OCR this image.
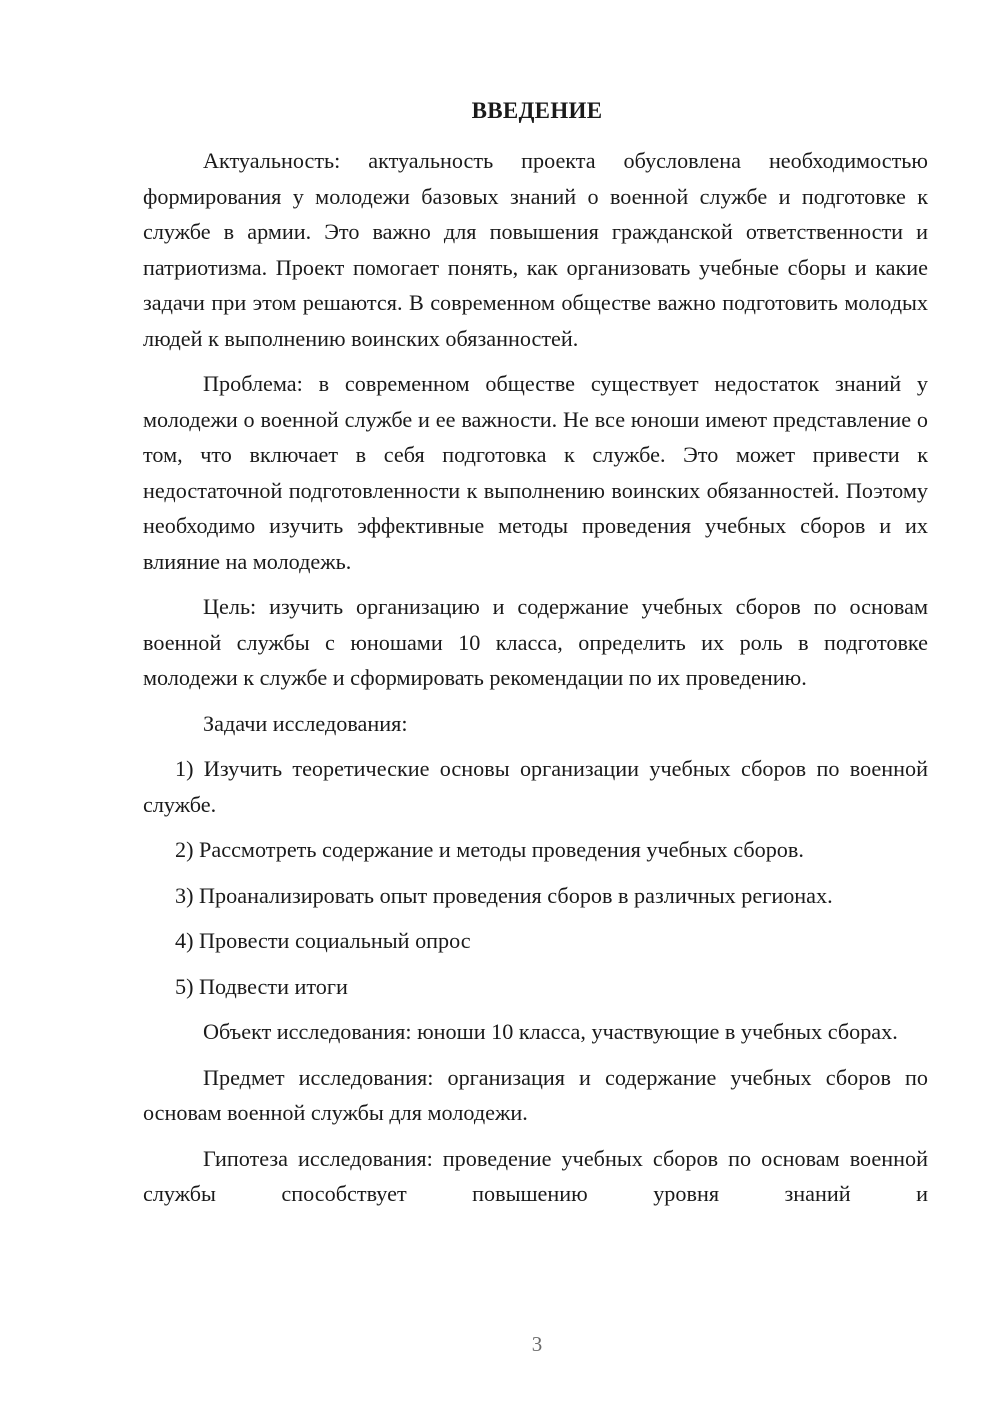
ВВЕДЕНИЕ

Актуальность: актуальность проекта обусловлена необходимостью формирования у молодежи базовых знаний о военной службе и подготовке к службе в армии. Это важно для повышения гражданской ответственности и патриотизма. Проект помогает понять, как организовать учебные сборы и какие задачи при этом решаются. В современном обществе важно подготовить молодых людей к выполнению воинских обязанностей.

Проблема: в современном обществе существует недостаток знаний у молодежи о военной службе и ее важности. Не все юноши имеют представление о том, что включает в себя подготовка к службе. Это может привести к недостаточной подготовленности к выполнению воинских обязанностей. Поэтому необходимо изучить эффективные методы проведения учебных сборов и их влияние на молодежь.

Цель: изучить организацию и содержание учебных сборов по основам военной службы с юношами 10 класса, определить их роль в подготовке молодежи к службе и сформировать рекомендации по их проведению.

Задачи исследования:

1) Изучить теоретические основы организации учебных сборов по военной службе.

2) Рассмотреть содержание и методы проведения учебных сборов.

3) Проанализировать опыт проведения сборов в различных регионах.

4) Провести социальный опрос

5) Подвести итоги

Объект исследования: юноши 10 класса, участвующие в учебных сборах.

Предмет исследования: организация и содержание учебных сборов по основам военной службы для молодежи.

Гипотеза исследования: проведение учебных сборов по основам военной службы способствует повышению уровня знаний и

3
